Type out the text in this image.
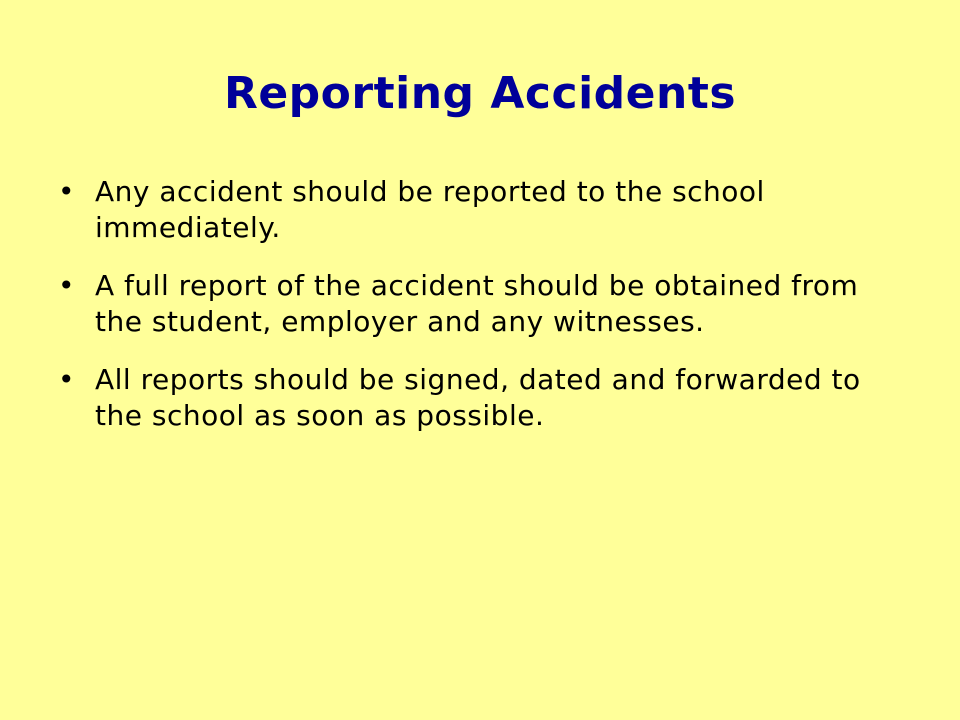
Reporting Accidents
• Any accident should be reported to the school immediately.
• A full report of the accident should be obtained from the student, employer and any witnesses.
• All reports should be signed, dated and forwarded to the school as soon as possible.
